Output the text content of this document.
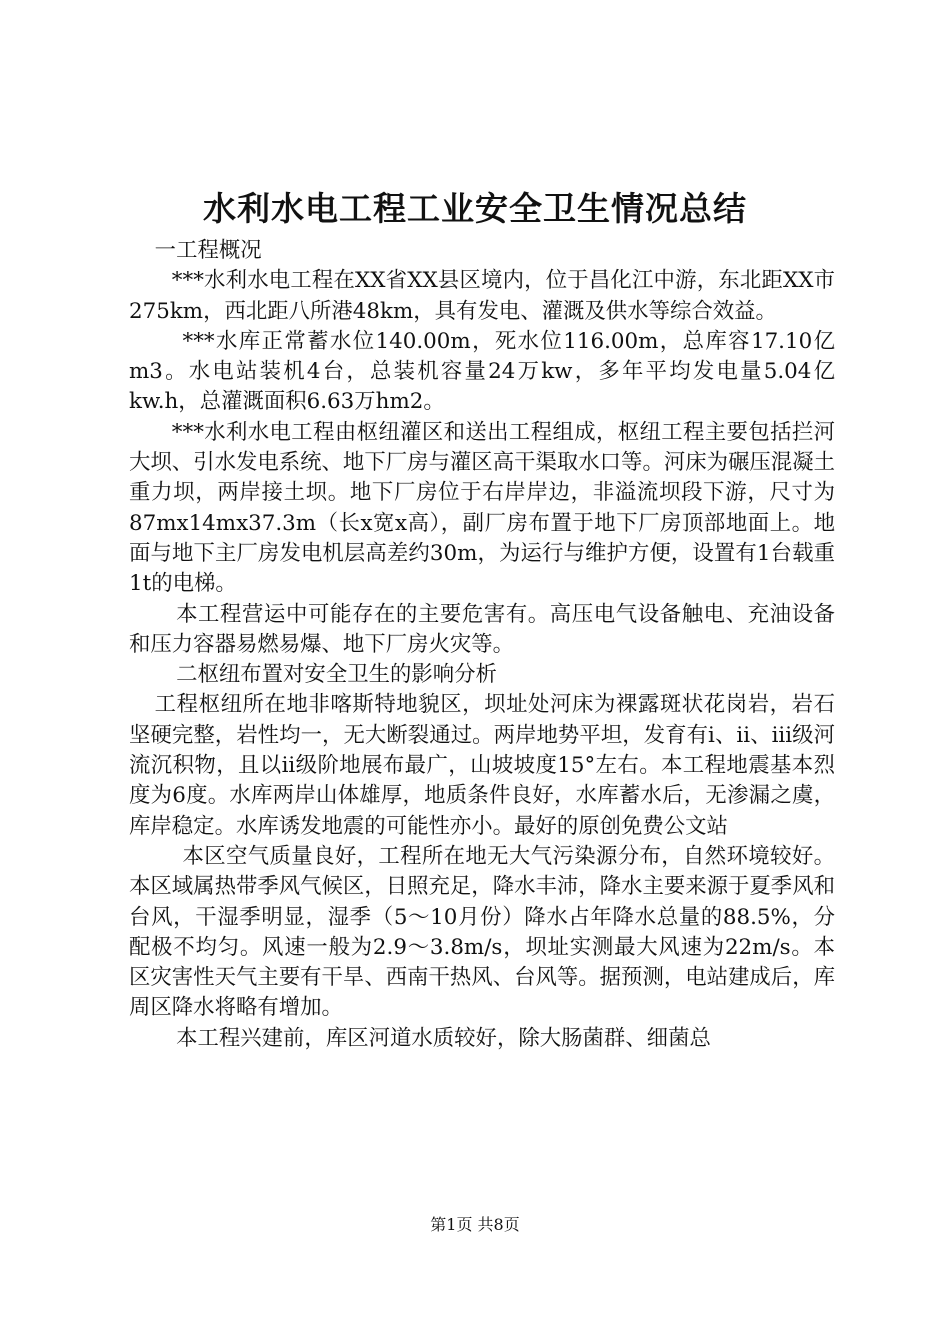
水利水电工程工业安全卫生情况总结

一工程概况

***水利水电工程在XX省XX县区境内，位于昌化江中游，东北距XX市275km，西北距八所港48km，具有发电、灌溉及供水等综合效益。

***水库正常蓄水位140.00m，死水位116.00m，总库容17.10亿m3。水电站装机4台，总装机容量24万kw，多年平均发电量5.04亿kw.h，总灌溉面积6.63万hm2。

***水利水电工程由枢纽灌区和送出工程组成，枢纽工程主要包括拦河大坝、引水发电系统、地下厂房与灌区高干渠取水口等。河床为碾压混凝土重力坝，两岸接土坝。地下厂房位于右岸岸边，非溢流坝段下游，尺寸为87mx14mx37.3m（长x宽x高），副厂房布置于地下厂房顶部地面上。地面与地下主厂房发电机层高差约30m，为运行与维护方便，设置有1台载重1t的电梯。

本工程营运中可能存在的主要危害有。高压电气设备触电、充油设备和压力容器易燃易爆、地下厂房火灾等。

二枢纽布置对安全卫生的影响分析

工程枢纽所在地非喀斯特地貌区，坝址处河床为裸露斑状花岗岩，岩石坚硬完整，岩性均一，无大断裂通过。两岸地势平坦，发育有i、ii、iii级河流沉积物，且以ii级阶地展布最广，山坡坡度15°左右。本工程地震基本烈度为6度。水库两岸山体雄厚，地质条件良好，水库蓄水后，无渗漏之虞，库岸稳定。水库诱发地震的可能性亦小。最好的原创免费公文站

本区空气质量良好，工程所在地无大气污染源分布，自然环境较好。本区域属热带季风气候区，日照充足，降水丰沛，降水主要来源于夏季风和台风，干湿季明显，湿季（5～10月份）降水占年降水总量的88.5%，分配极不均匀。风速一般为2.9～3.8m/s，坝址实测最大风速为22m/s。本区灾害性天气主要有干旱、西南干热风、台风等。据预测，电站建成后，库周区降水将略有增加。

本工程兴建前，库区河道水质较好，除大肠菌群、细菌总

第1页 共8页
